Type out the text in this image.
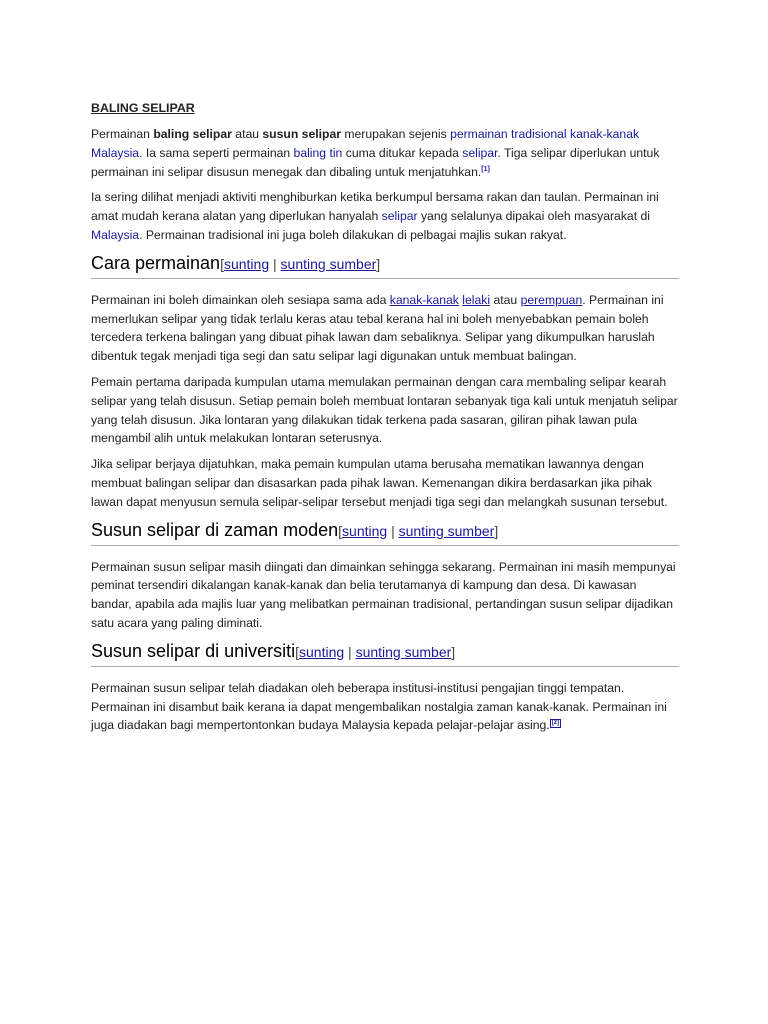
BALING SELIPAR

Permainan baling selipar atau susun selipar merupakan sejenis permainan tradisional kanak-kanak Malaysia. Ia sama seperti permainan baling tin cuma ditukar kepada selipar. Tiga selipar diperlukan untuk permainan ini selipar disusun menegak dan dibaling untuk menjatuhkan.[1]

Ia sering dilihat menjadi aktiviti menghiburkan ketika berkumpul bersama rakan dan taulan. Permainan ini amat mudah kerana alatan yang diperlukan hanyalah selipar yang selalunya dipakai oleh masyarakat di Malaysia. Permainan tradisional ini juga boleh dilakukan di pelbagai majlis sukan rakyat.

Cara permainan[sunting | sunting sumber]

Permainan ini boleh dimainkan oleh sesiapa sama ada kanak-kanak lelaki atau perempuan. Permainan ini memerlukan selipar yang tidak terlalu keras atau tebal kerana hal ini boleh menyebabkan pemain boleh tercedera terkena balingan yang dibuat pihak lawan dam sebaliknya. Selipar yang dikumpulkan haruslah dibentuk tegak menjadi tiga segi dan satu selipar lagi digunakan untuk membuat balingan.

Pemain pertama daripada kumpulan utama memulakan permainan dengan cara membaling selipar kearah selipar yang telah disusun. Setiap pemain boleh membuat lontaran sebanyak tiga kali untuk menjatuh selipar yang telah disusun. Jika lontaran yang dilakukan tidak terkena pada sasaran, giliran pihak lawan pula mengambil alih untuk melakukan lontaran seterusnya.

Jika selipar berjaya dijatuhkan, maka pemain kumpulan utama berusaha mematikan lawannya dengan membuat balingan selipar dan disasarkan pada pihak lawan. Kemenangan dikira berdasarkan jika pihak lawan dapat menyusun semula selipar-selipar tersebut menjadi tiga segi dan melangkah susunan tersebut.

Susun selipar di zaman moden[sunting | sunting sumber]

Permainan susun selipar masih diingati dan dimainkan sehingga sekarang. Permainan ini masih mempunyai peminat tersendiri dikalangan kanak-kanak dan belia terutamanya di kampung dan desa. Di kawasan bandar, apabila ada majlis luar yang melibatkan permainan tradisional, pertandingan susun selipar dijadikan satu acara yang paling diminati.

Susun selipar di universiti[sunting | sunting sumber]

Permainan susun selipar telah diadakan oleh beberapa institusi-institusi pengajian tinggi tempatan. Permainan ini disambut baik kerana ia dapat mengembalikan nostalgia zaman kanak-kanak. Permainan ini juga diadakan bagi mempertontonkan budaya Malaysia kepada pelajar-pelajar asing. [2]
